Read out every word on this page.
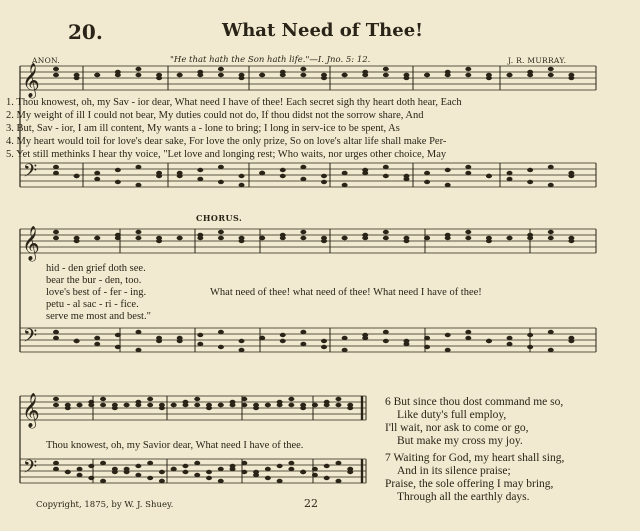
𝄞
𝄢
𝄞
𝄢
𝄞
𝄢
20.	What Need of Thee!
ANON.	"He that hath the Son hath life."—I. Jno. 5: 12.	J. R. MURRAY.
1. Thou knowest, oh, my Sav - ior dear, What need I have of thee! Each secret sigh thy heart doth hear, Each
2. My weight of ill I could not bear, My duties could not do, If thou didst not the sorrow share, And
3. But, Sav - ior, I am ill content, My wants a - lone to bring; I long in serv-ice to be spent, As
4. My heart would toil for love's dear sake, For love the only prize, So on love's altar life shall make Per-
5. Yet still methinks I hear thy voice, "Let love and longing rest; Who waits, nor urges other choice, May
CHORUS.
hid - den grief doth see.
bear the bur - den, too.
love's best of - fer - ing.
petu - al sac - ri - fice.
serve me most and best."
What need of thee! what need of thee! What need I have of thee!
Thou knowest, oh, my Savior dear, What need I have of thee.
6 But since thou dost command me so,
Like duty's full employ,
I'll wait, nor ask to come or go,
But make my cross my joy.
7 Waiting for God, my heart shall sing,
And in its silence praise;
Praise, the sole offering I may bring,
Through all the earthly days.
Copyright, 1875, by W. J. Shuey.	22
